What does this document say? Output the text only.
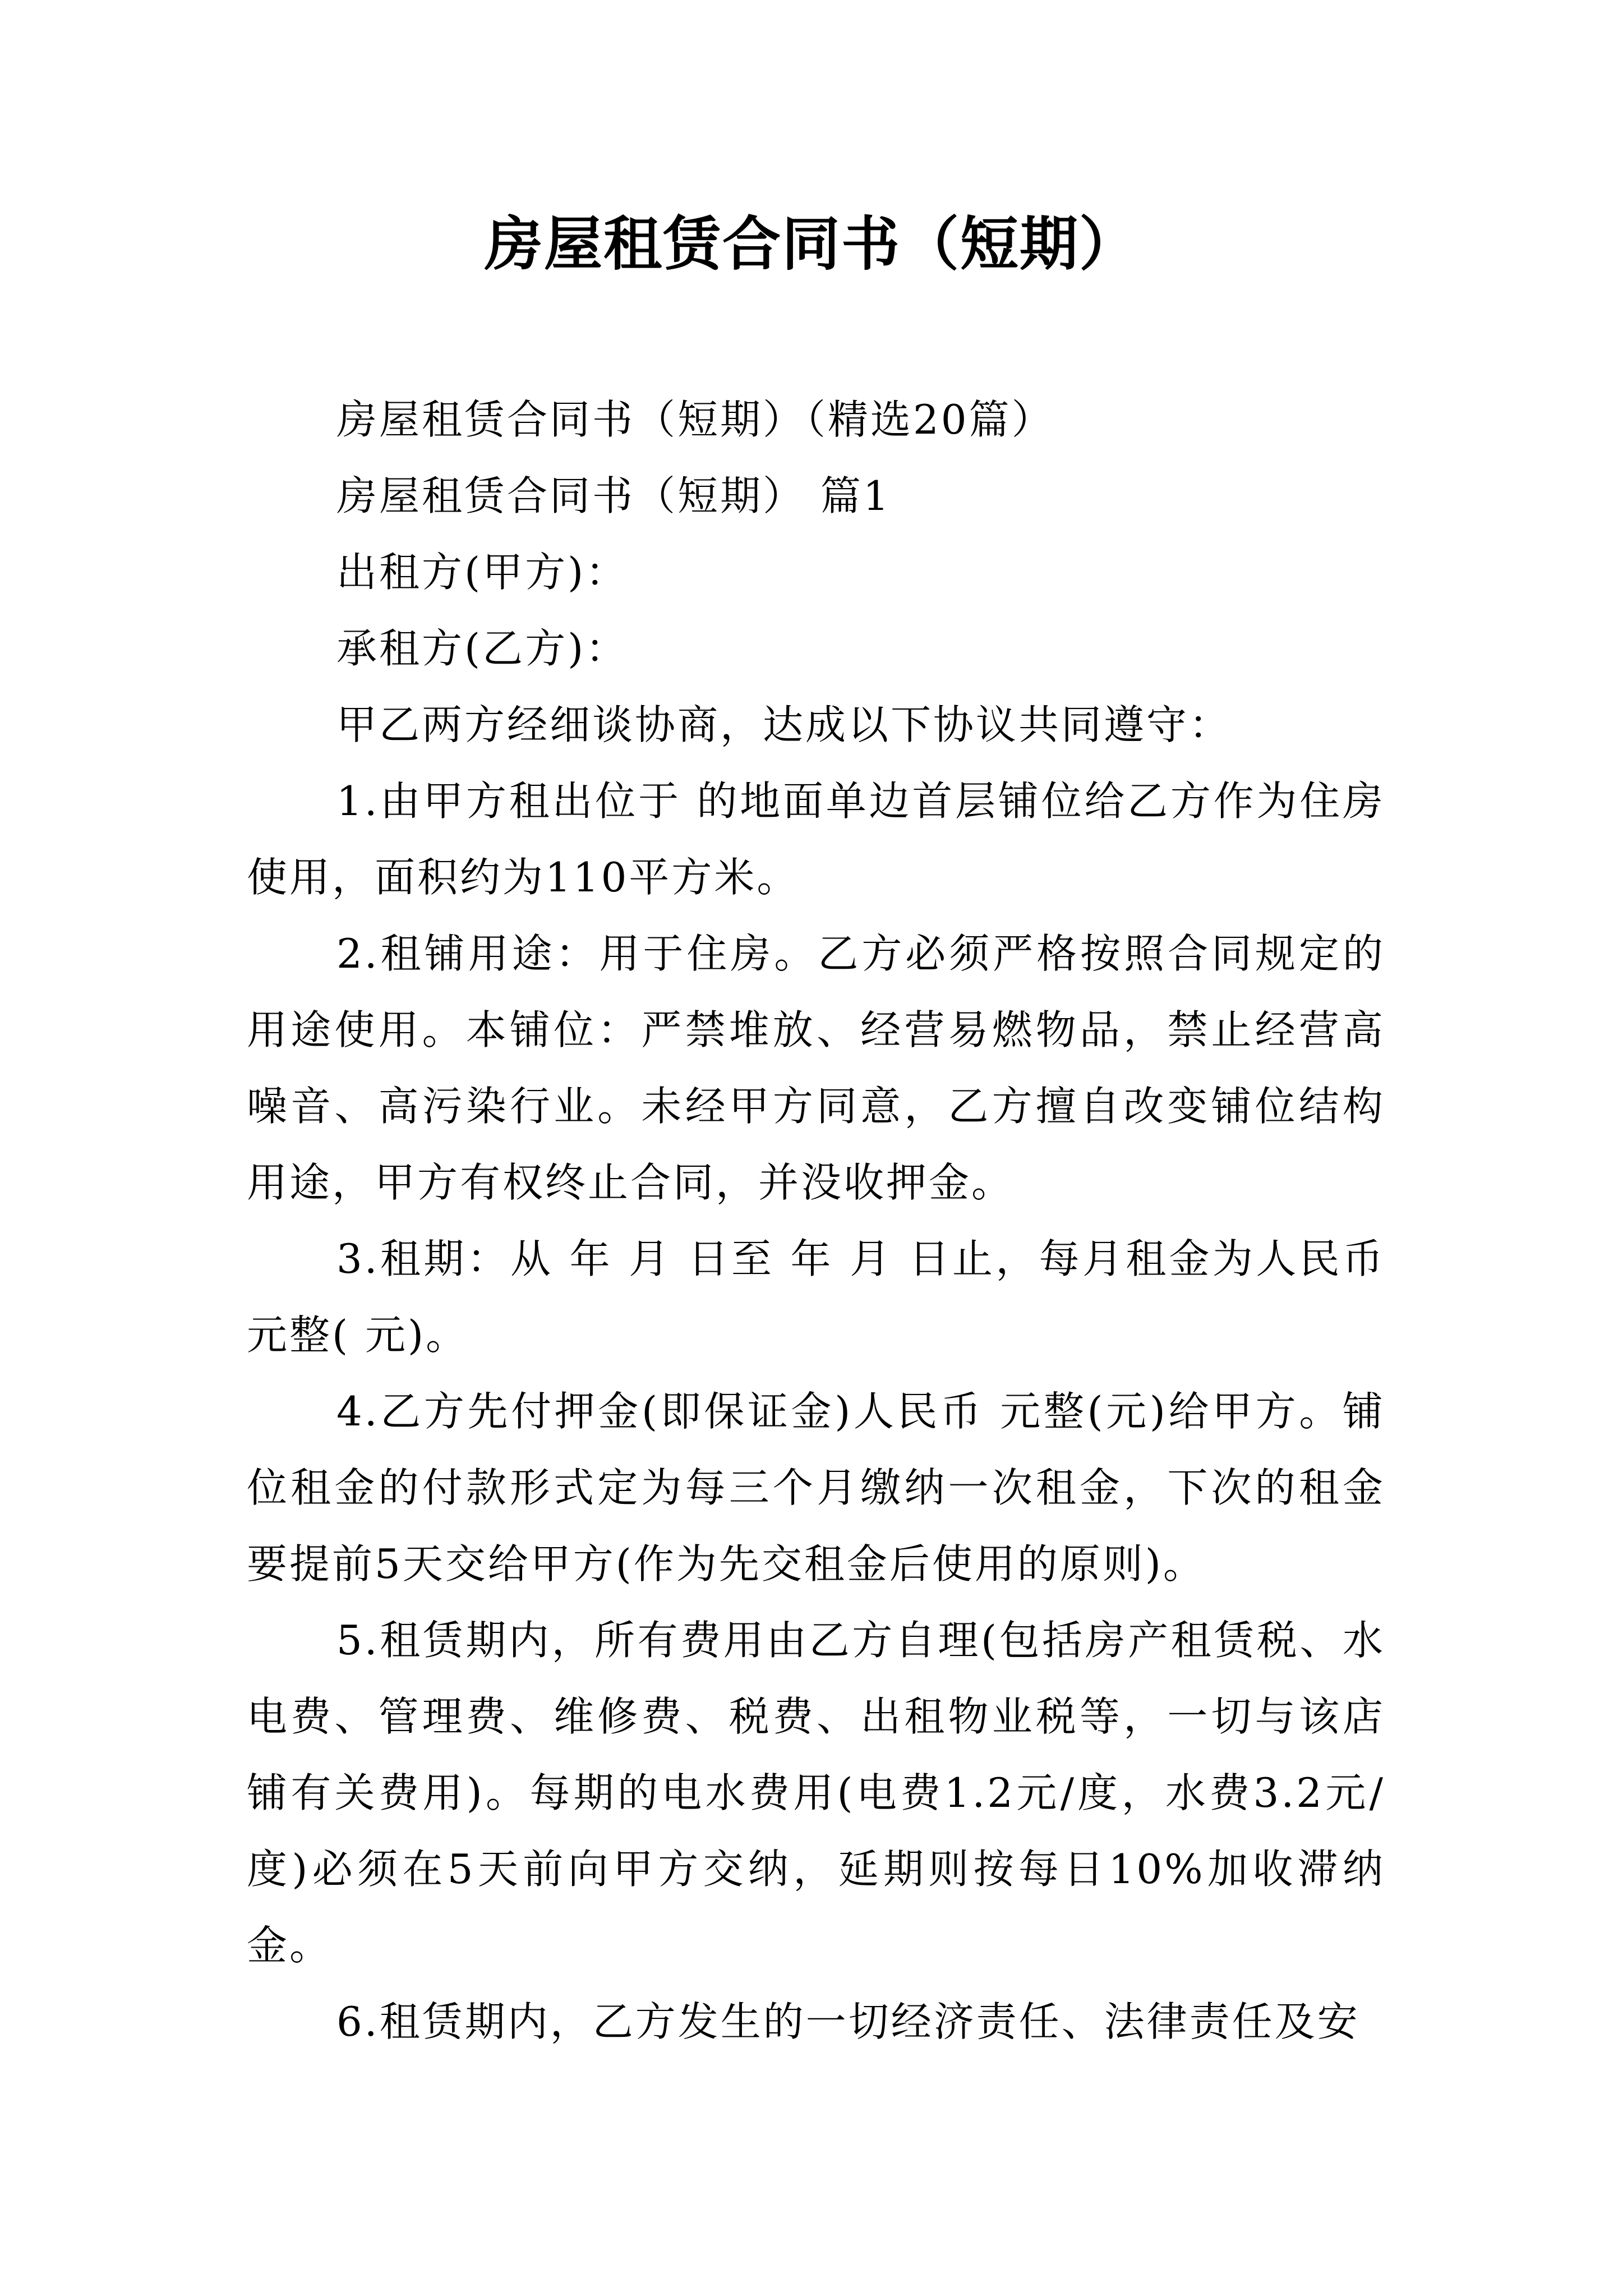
房屋租赁合同书（短期）

房屋租赁合同书（短期）（精选20篇）

房屋租赁合同书（短期） 篇1

出租方(甲方)：

承租方(乙方)：

甲乙两方经细谈协商，达成以下协议共同遵守：

1.由甲方租出位于 的地面单边首层铺位给乙方作为住房使用，面积约为110平方米。

2.租铺用途：用于住房。乙方必须严格按照合同规定的用途使用。本铺位：严禁堆放、经营易燃物品，禁止经营高噪音、高污染行业。未经甲方同意，乙方擅自改变铺位结构用途，甲方有权终止合同，并没收押金。

3.租期：从 年 月 日至 年 月 日止，每月租金为人民币 元整( 元)。

4.乙方先付押金(即保证金)人民币 元整(元)给甲方。铺位租金的付款形式定为每三个月缴纳一次租金，下次的租金要提前5天交给甲方(作为先交租金后使用的原则)。

5.租赁期内，所有费用由乙方自理(包括房产租赁税、水电费、管理费、维修费、税费、出租物业税等，一切与该店铺有关费用)。每期的电水费用(电费1.2元/度，水费3.2元/度)必须在5天前向甲方交纳，延期则按每日10%加收滞纳金。

6.租赁期内，乙方发生的一切经济责任、法律责任及安
